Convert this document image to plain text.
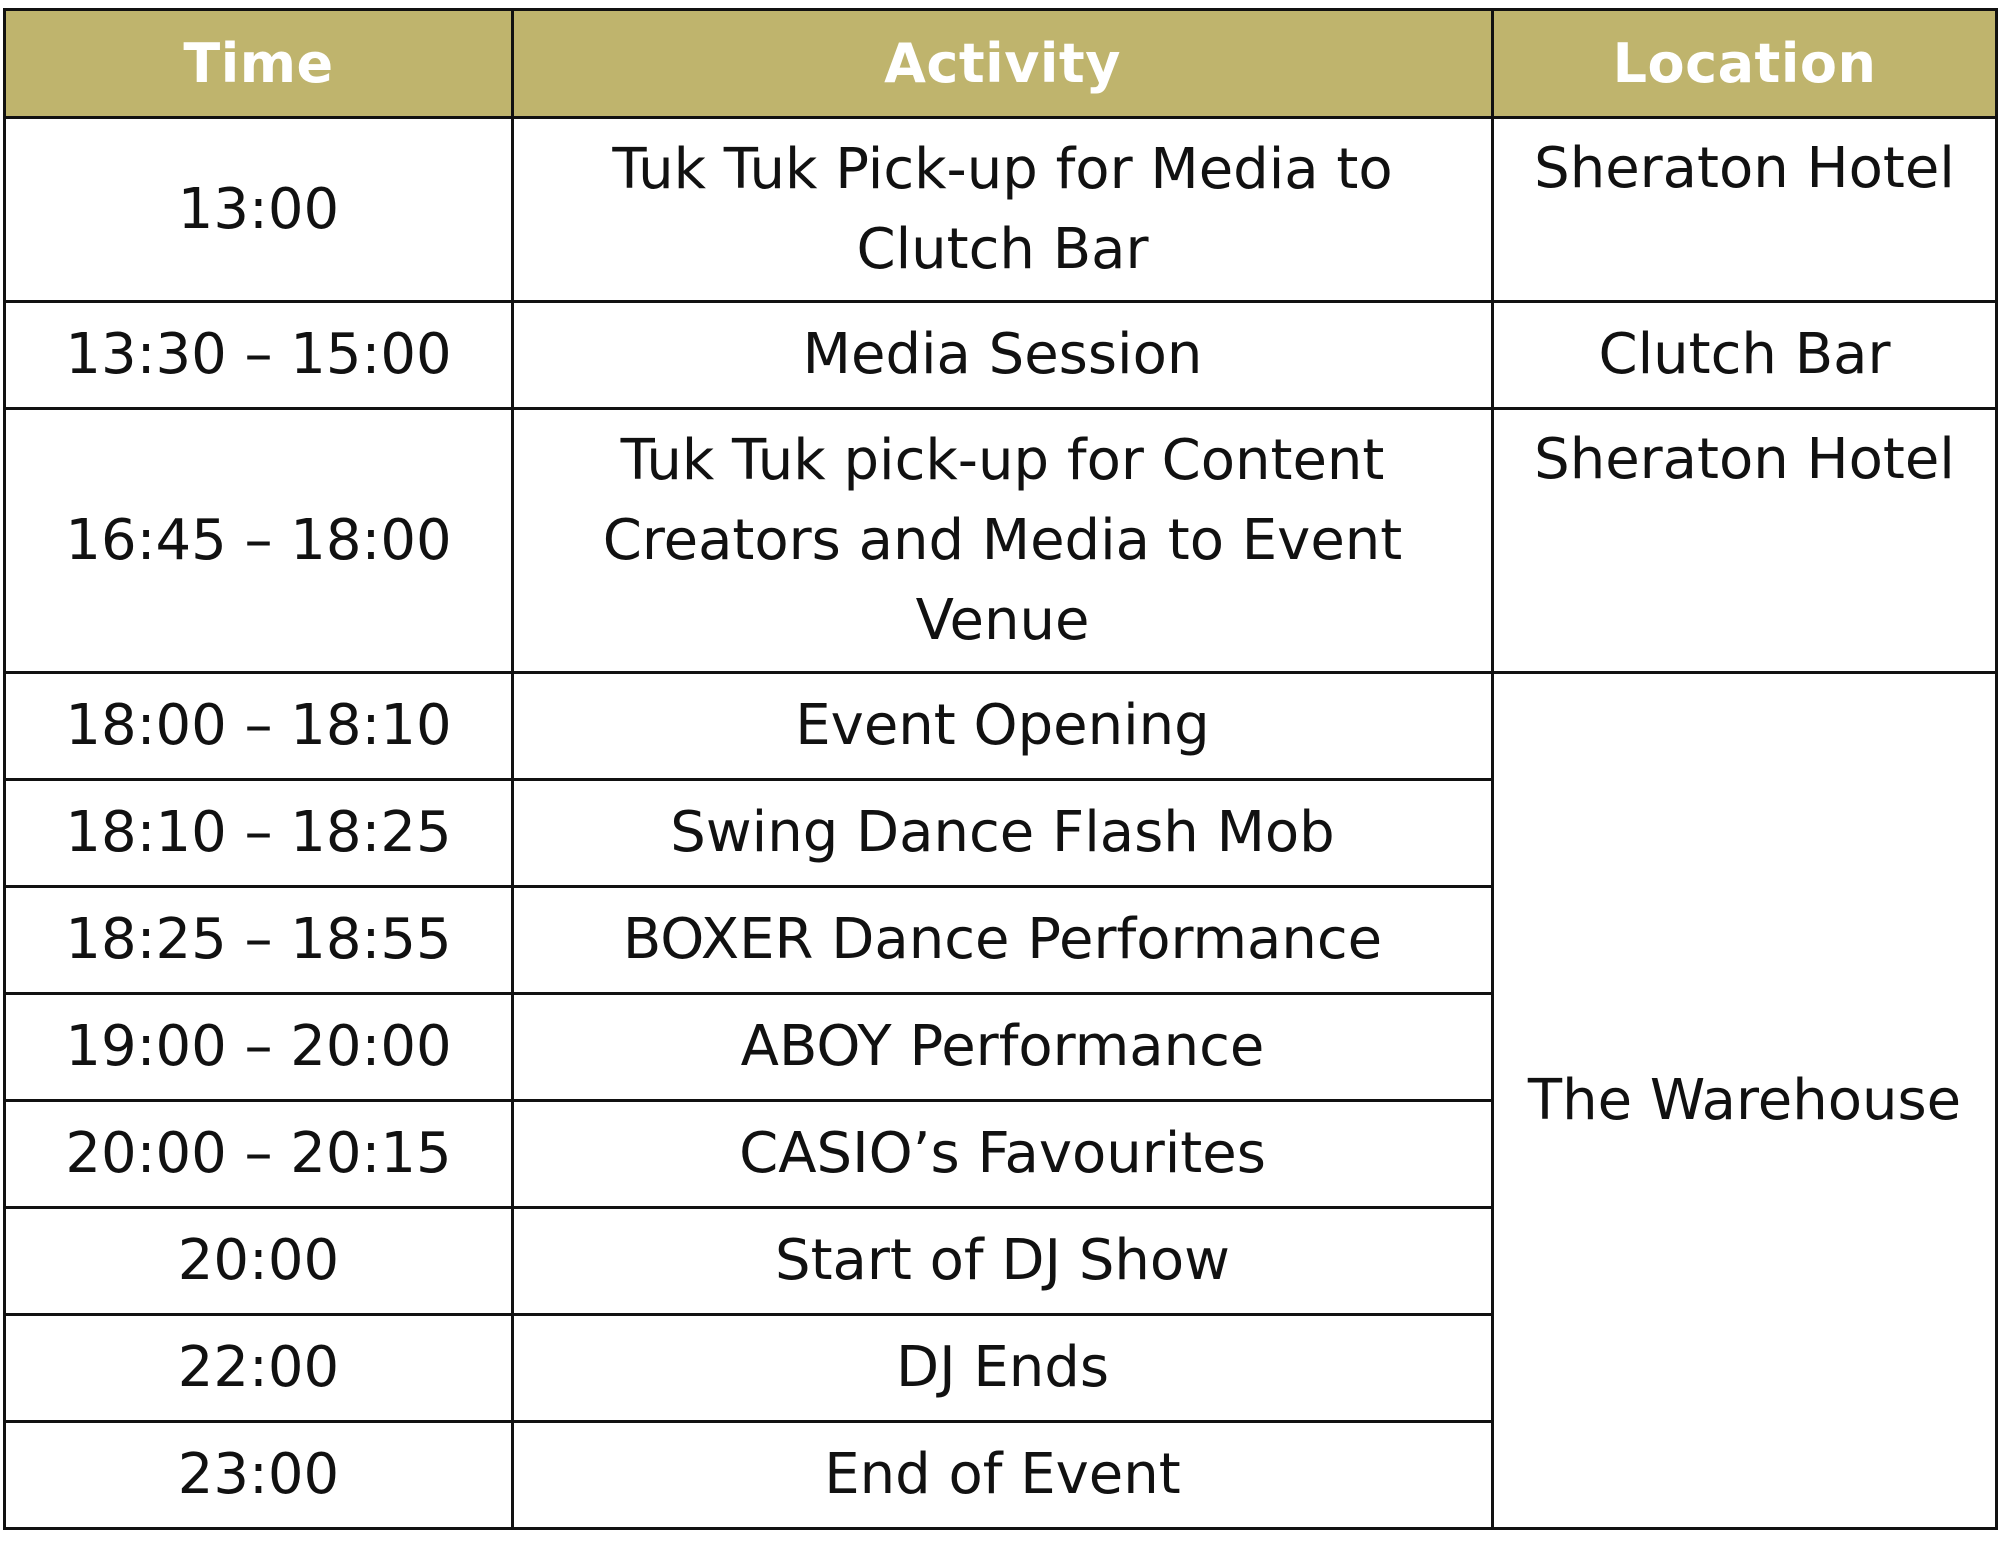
Time	Activity	Location
13:00	Tuk Tuk Pick-up for Media to Clutch Bar	Sheraton Hotel
13:30 – 15:00	Media Session	Clutch Bar
16:45 – 18:00	Tuk Tuk pick-up for Content Creators and Media to Event Venue	Sheraton Hotel
18:00 – 18:10	Event Opening	The Warehouse
18:10 – 18:25	Swing Dance Flash Mob	
18:25 – 18:55	BOXER Dance Performance	
19:00 – 20:00	ABOY Performance	
20:00 – 20:15	CASIO’s Favourites	
20:00	Start of DJ Show	
22:00	DJ Ends	
23:00	End of Event	
